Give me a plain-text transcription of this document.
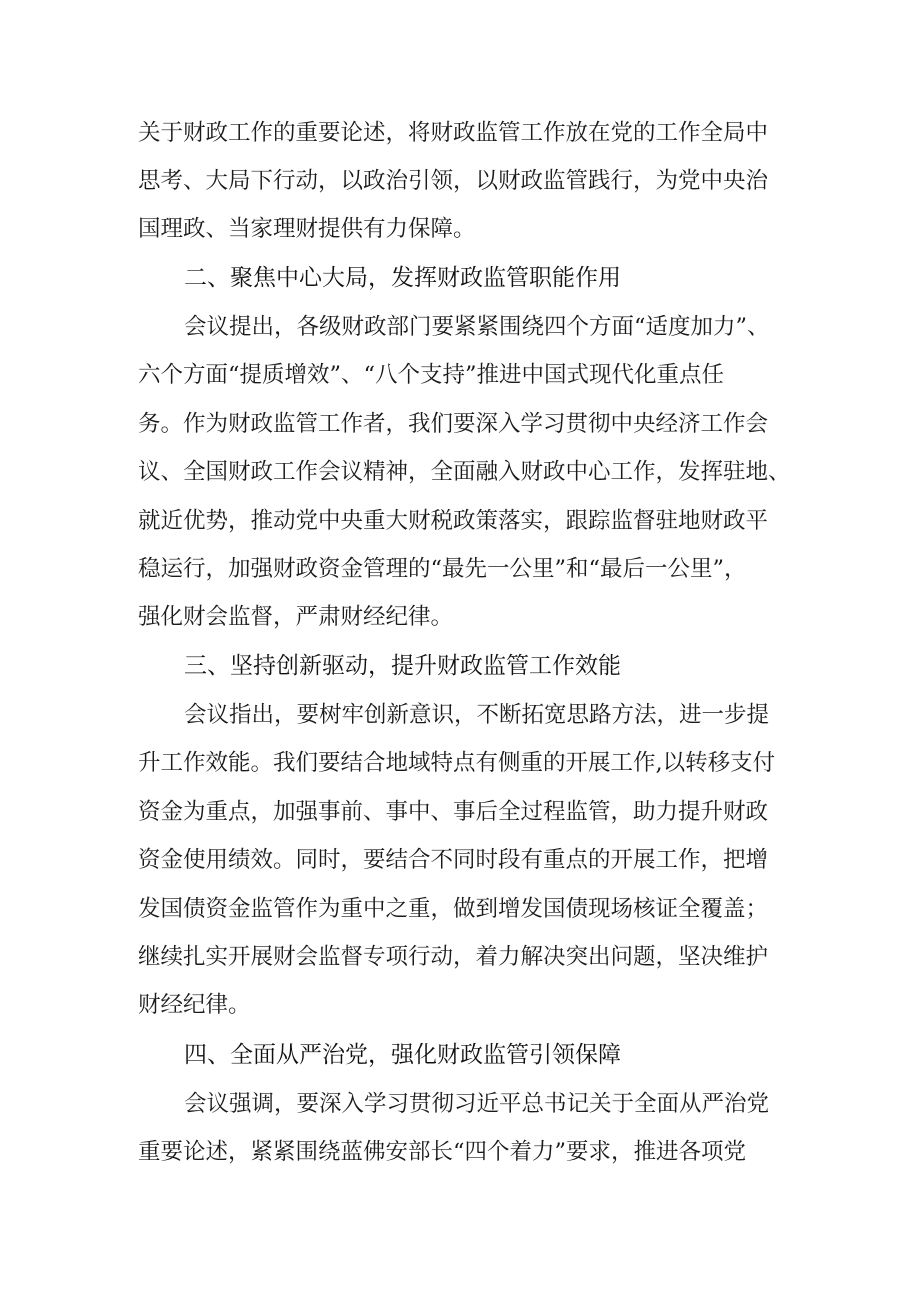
关于财政工作的重要论述，将财政监管工作放在党的工作全局中
思考、大局下行动，以政治引领，以财政监管践行，为党中央治
国理政、当家理财提供有力保障。
二、聚焦中心大局，发挥财政监管职能作用
会议提出，各级财政部门要紧紧围绕四个方面“适度加力”、
六个方面“提质增效”、“八个支持”推进中国式现代化重点任
务。作为财政监管工作者，我们要深入学习贯彻中央经济工作会
议、全国财政工作会议精神，全面融入财政中心工作，发挥驻地、
就近优势，推动党中央重大财税政策落实，跟踪监督驻地财政平
稳运行，加强财政资金管理的“最先一公里”和“最后一公里”，
强化财会监督，严肃财经纪律。
三、坚持创新驱动，提升财政监管工作效能
会议指出，要树牢创新意识，不断拓宽思路方法，进一步提
升工作效能。我们要结合地域特点有侧重的开展工作,以转移支付
资金为重点，加强事前、事中、事后全过程监管，助力提升财政
资金使用绩效。同时，要结合不同时段有重点的开展工作，把增
发国债资金监管作为重中之重，做到增发国债现场核证全覆盖；
继续扎实开展财会监督专项行动，着力解决突出问题，坚决维护
财经纪律。
四、全面从严治党，强化财政监管引领保障
会议强调，要深入学习贯彻习近平总书记关于全面从严治党
重要论述，紧紧围绕蓝佛安部长“四个着力”要求，推进各项党
